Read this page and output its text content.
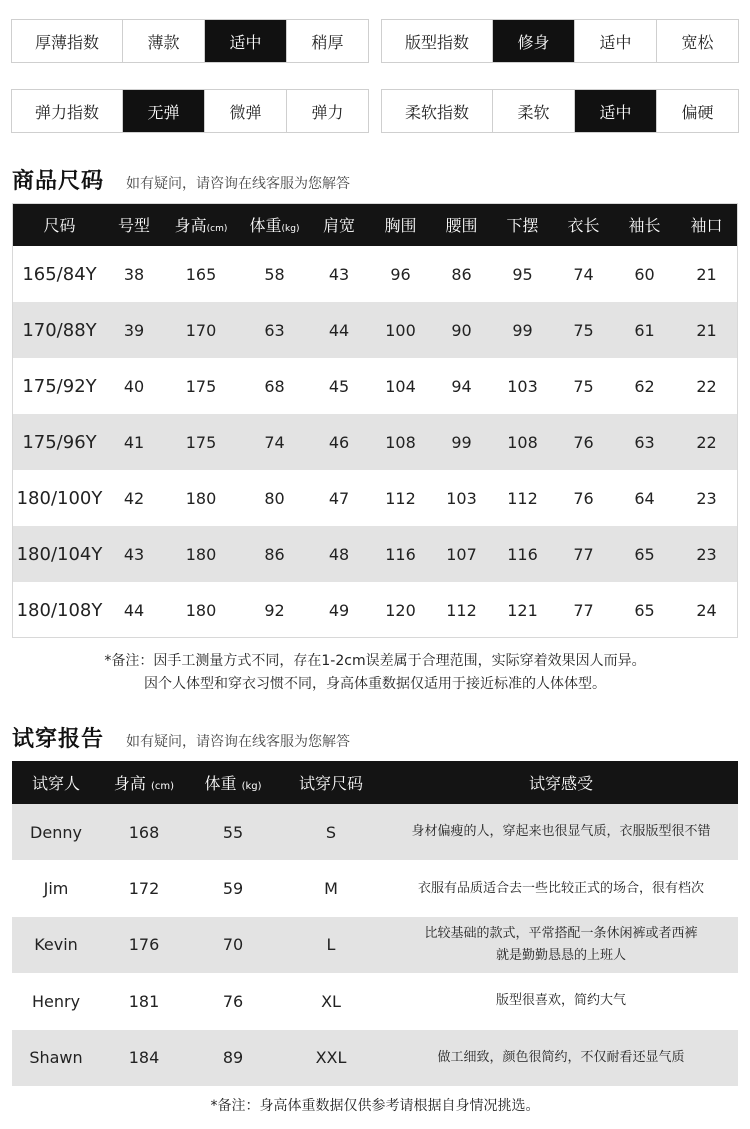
厚薄指数	薄款	适中	稍厚	版型指数	修身	适中	宽松
弹力指数	无弹	微弹	弹力	柔软指数	柔软	适中	偏硬
商品尺码 如有疑问，请咨询在线客服为您解答
尺码	号型	身高(cm)	体重(kg)	肩宽	胸围	腰围	下摆	衣长	袖长	袖口
165/84Y	38	165	58	43	96	86	95	74	60	21
170/88Y	39	170	63	44	100	90	99	75	61	21
175/92Y	40	175	68	45	104	94	103	75	62	22
175/96Y	41	175	74	46	108	99	108	76	63	22
180/100Y	42	180	80	47	112	103	112	76	64	23
180/104Y	43	180	86	48	116	107	116	77	65	23
180/108Y	44	180	92	49	120	112	121	77	65	24
*备注：因手工测量方式不同，存在1-2cm误差属于合理范围，实际穿着效果因人而异。
因个人体型和穿衣习惯不同，身高体重数据仅适用于接近标准的人体体型。
试穿报告 如有疑问，请咨询在线客服为您解答
试穿人	身高 (cm)	体重 (kg)	试穿尺码	试穿感受
Denny	168	55	S	身材偏瘦的人，穿起来也很显气质，衣服版型很不错

Jim	172	59	M	衣服有品质适合去一些比较正式的场合，很有档次

Kevin	176	70	L	比较基础的款式，平常搭配一条休闲裤或者西裤
就是勤勤恳恳的上班人

Henry	181	76	XL	版型很喜欢，简约大气

Shawn	184	89	XXL	做工细致，颜色很简约，不仅耐看还显气质
*备注：身高体重数据仅供参考请根据自身情况挑选。
